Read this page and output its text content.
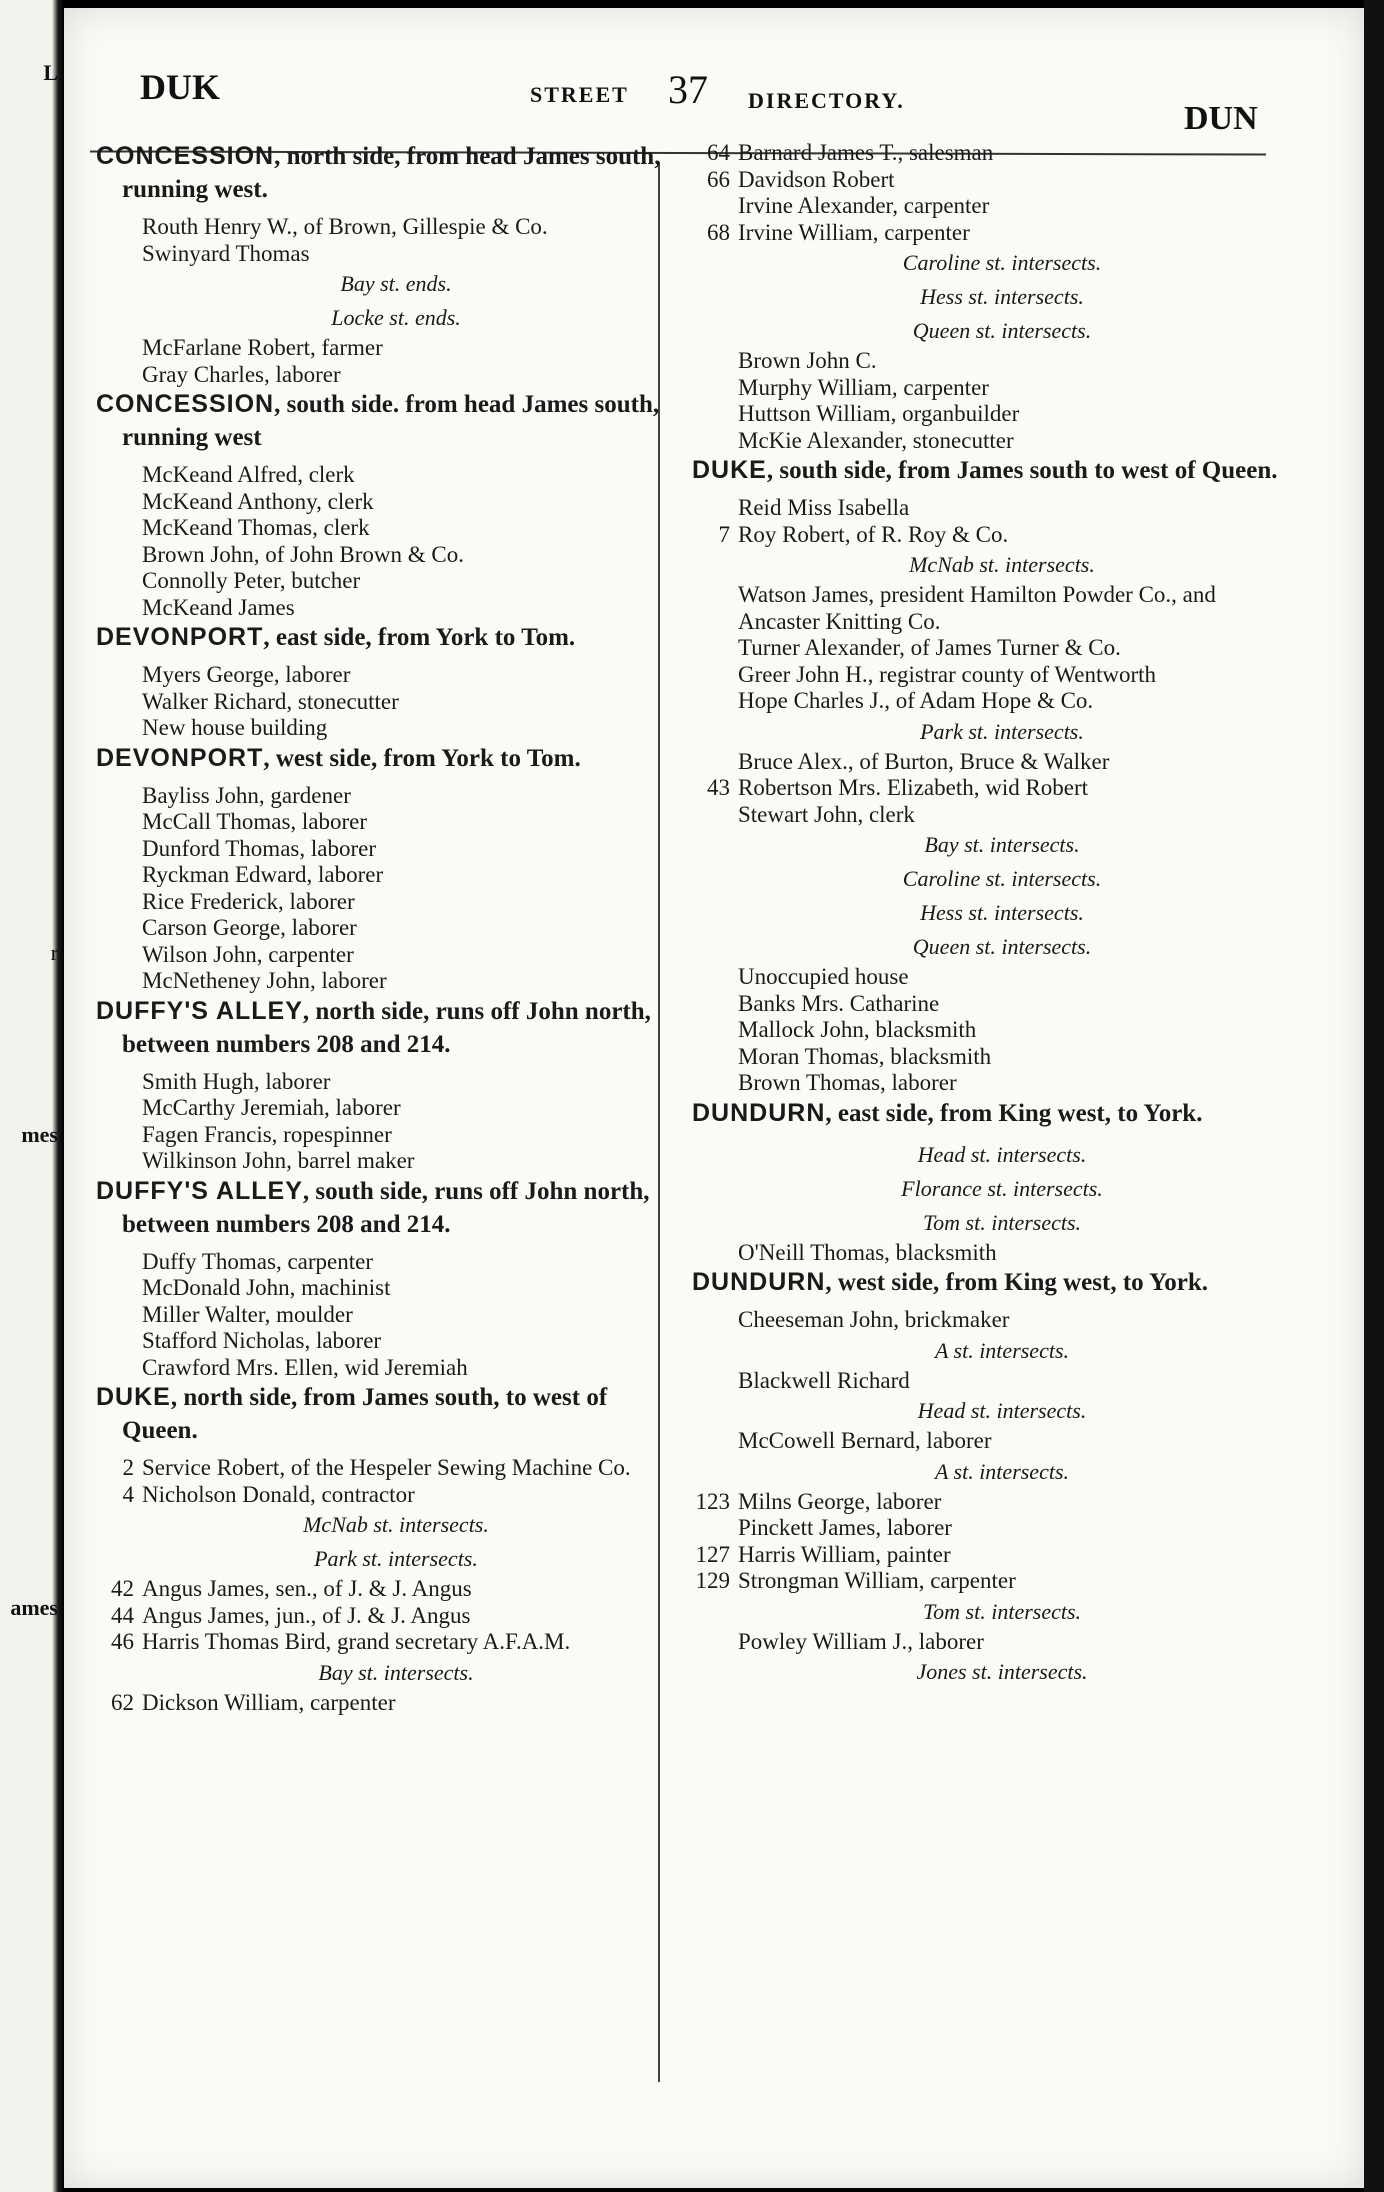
L
r
mes
ames
DUK	STREET 37 DIRECTORY.	DUN
CONCESSION, north side, from head James south, running west.
Routh Henry W., of Brown, Gillespie & Co.
Swinyard Thomas
Bay st. ends.
Locke st. ends.
McFarlane Robert, farmer
Gray Charles, laborer
CONCESSION, south side. from head James south, running west
McKeand Alfred, clerk
McKeand Anthony, clerk
McKeand Thomas, clerk
Brown John, of John Brown & Co.
Connolly Peter, butcher
McKeand James
DEVONPORT, east side, from York to Tom.
Myers George, laborer
Walker Richard, stonecutter
New house building
DEVONPORT, west side, from York to Tom.
Bayliss John, gardener
McCall Thomas, laborer
Dunford Thomas, laborer
Ryckman Edward, laborer
Rice Frederick, laborer
Carson George, laborer
Wilson John, carpenter
McNetheney John, laborer
DUFFY'S ALLEY, north side, runs off John north, between numbers 208 and 214.
Smith Hugh, laborer
McCarthy Jeremiah, laborer
Fagen Francis, ropespinner
Wilkinson John, barrel maker
DUFFY'S ALLEY, south side, runs off John north, between numbers 208 and 214.
Duffy Thomas, carpenter
McDonald John, machinist
Miller Walter, moulder
Stafford Nicholas, laborer
Crawford Mrs. Ellen, wid Jeremiah
DUKE, north side, from James south, to west of Queen.
2 Service Robert, of the Hespeler Sewing Machine Co.
4 Nicholson Donald, contractor
McNab st. intersects.
Park st. intersects.
42 Angus James, sen., of J. & J. Angus
44 Angus James, jun., of J. & J. Angus
46 Harris Thomas Bird, grand secretary A.F.A.M.
Bay st. intersects.
62 Dickson William, carpenter
64 Barnard James T., salesman
66 Davidson Robert
Irvine Alexander, carpenter
68 Irvine William, carpenter
Caroline st. intersects.
Hess st. intersects.
Queen st. intersects.
Brown John C.
Murphy William, carpenter
Huttson William, organbuilder
McKie Alexander, stonecutter
DUKE, south side, from James south to west of Queen.
Reid Miss Isabella
7 Roy Robert, of R. Roy & Co.
McNab st. intersects.
Watson James, president Hamilton Powder Co., and Ancaster Knitting Co.
Turner Alexander, of James Turner & Co.
Greer John H., registrar county of Wentworth
Hope Charles J., of Adam Hope & Co.
Park st. intersects.
Bruce Alex., of Burton, Bruce & Walker
43 Robertson Mrs. Elizabeth, wid Robert
Stewart John, clerk
Bay st. intersects.
Caroline st. intersects.
Hess st. intersects.
Queen st. intersects.
Unoccupied house
Banks Mrs. Catharine
Mallock John, blacksmith
Moran Thomas, blacksmith
Brown Thomas, laborer
DUNDURN, east side, from King west, to York.
Head st. intersects.
Florance st. intersects.
Tom st. intersects.
O'Neill Thomas, blacksmith
DUNDURN, west side, from King west, to York.
Cheeseman John, brickmaker
A st. intersects.
Blackwell Richard
Head st. intersects.
McCowell Bernard, laborer
A st. intersects.
123 Milns George, laborer
Pinckett James, laborer
127 Harris William, painter
129 Strongman William, carpenter
Tom st. intersects.
Powley William J., laborer
Jones st. intersects.
